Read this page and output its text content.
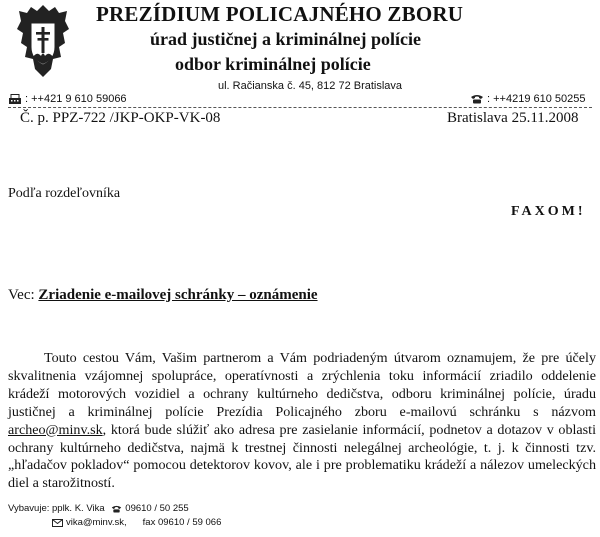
PREZÍDIUM POLICAJNÉHO ZBORU
úrad justičnej a kriminálnej polície
odbor kriminálnej polície
ul. Račianska č. 45, 812 72 Bratislava
: ++421 9 610 59066	: ++4219 610 50255
Č. p. PPZ-722 /JKP-OKP-VK-08	Bratislava 25.11.2008
Podľa rozdeľovníka
FAXOM!
Vec: Zriadenie e-mailovej schránky – oznámenie

Touto cestou Vám, Vašim partnerom a Vám podriadeným útvarom oznamujem, že pre účely skvalitnenia vzájomnej spolupráce, operatívnosti a zrýchlenia toku informácií zriadilo oddelenie krádeží motorových vozidiel a ochrany kultúrneho dedičstva, odboru kriminálnej polície, úradu justičnej a kriminálnej polície Prezídia Policajného zboru e-mailovú schránku s názvom archeo@minv.sk, ktorá bude slúžiť ako adresa pre zasielanie informácií, podnetov a dotazov v oblasti ochrany kultúrneho dedičstva, najmä k trestnej činnosti nelegálnej archeológie, t. j. k činnosti tzv. „hľadačov pokladov“ pomocou detektorov kovov, ale i pre problematiku krádeží a nálezov umeleckých diel a starožitností.

Vybavuje: pplk. K. Vika 09610 / 50 255
vika@minv.sk, fax 09610 / 59 066
